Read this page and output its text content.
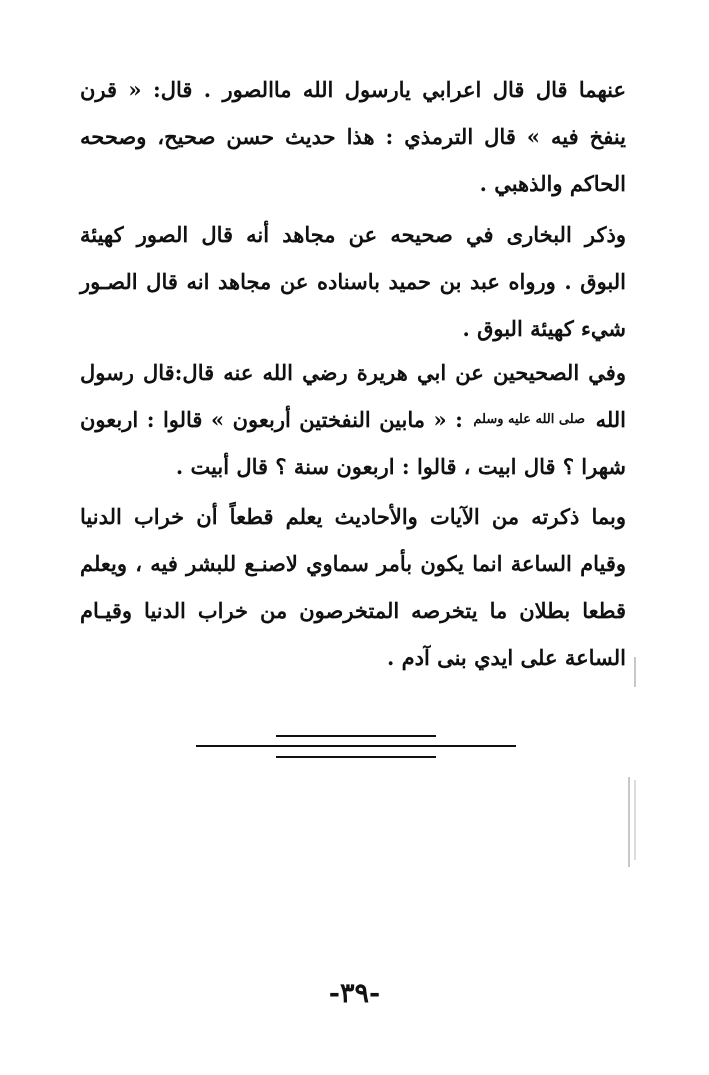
عنهما قال قال اعرابي يارسول الله ماالصور . قال: « قرن ينفخ فيه » قال الترمذي : هذا حديث حسن صحيح، وصححه الحاكم والذهبي .

وذكر البخارى في صحيحه عن مجاهد أنه قال الصور كهيئة البوق . ورواه عبد بن حميد باسناده عن مجاهد انه قال الصـور شيء كهيئة البوق .

وفي الصحيحين عن ابي هريرة رضي الله عنه قال:قال رسول الله صلى الله عليه وسلم : « مابين النفختين أربعون » قالوا : اربعون شهرا ؟ قال ابيت ، قالوا : اربعون سنة ؟ قال أبيت .

وبما ذكرته من الآيات والأحاديث يعلم قطعاً أن خراب الدنيا وقيام الساعة انما يكون بأمر سماوي لاصنـع للبشر فيه ، ويعلم قطعا بطلان ما يتخرصه المتخرصون من خراب الدنيا وقيـام الساعة على ايدي بنى آدم .

-٣٩-
